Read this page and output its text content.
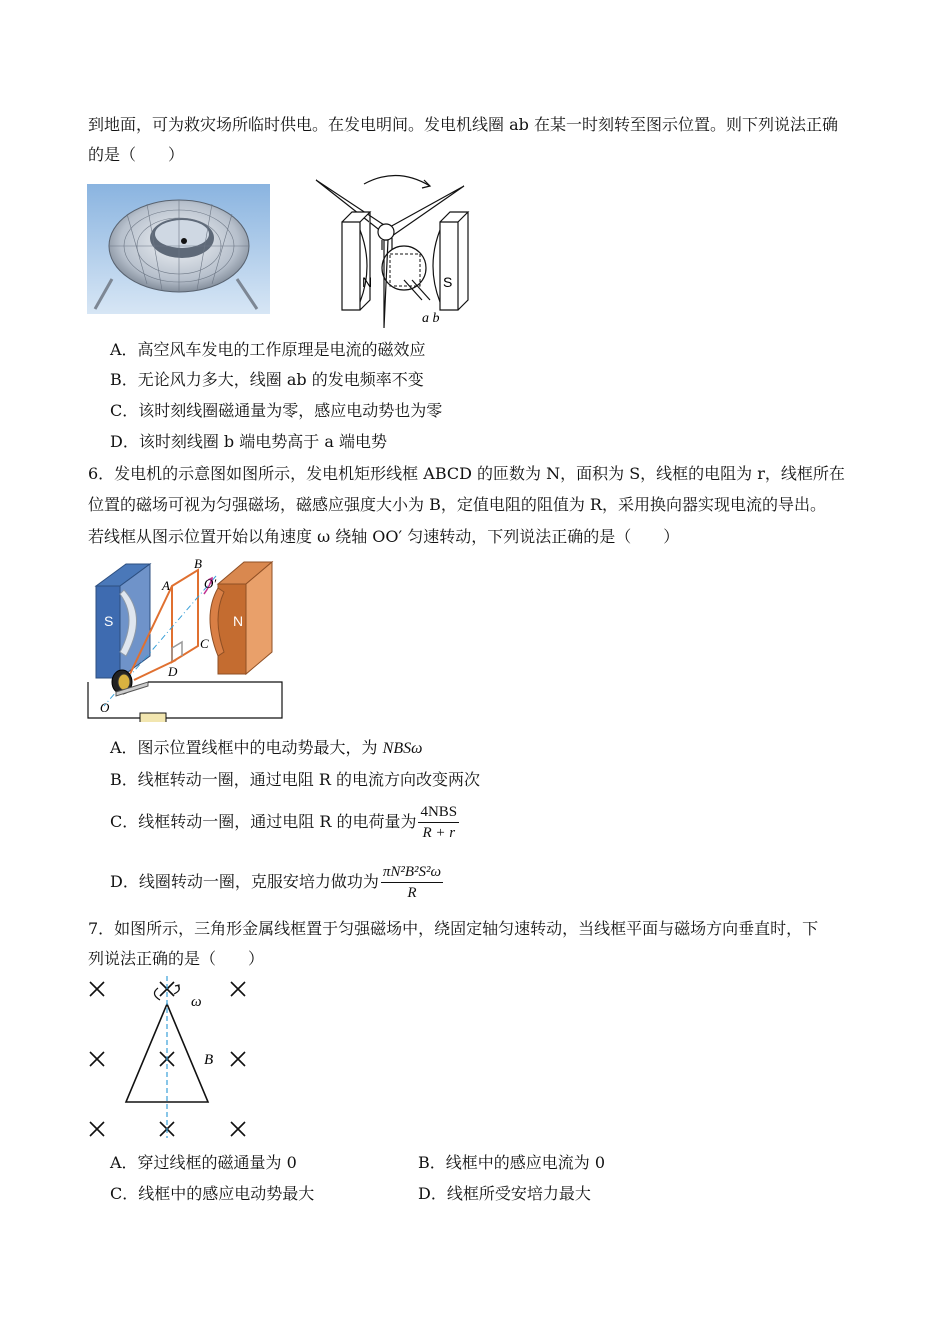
到地面，可为救灾场所临时供电。在发电明间。发电机线圈 ab 在某一时刻转至图示位置。则下列说法正确
的是（　　）
N	S
a b
A．高空风车发电的工作原理是电流的磁效应
B．无论风力多大，线圈 ab 的发电频率不变
C．该时刻线圈磁通量为零，感应电动势也为零
D．该时刻线圈 b 端电势高于 a 端电势
6．发电机的示意图如图所示，发电机矩形线框 ABCD 的匝数为 N，面积为 S，线框的电阻为 r，线框所在
位置的磁场可视为匀强磁场，磁感应强度大小为 B，定值电阻的阻值为 R，采用换向器实现电流的导出。
若线框从图示位置开始以角速度 ω 绕轴 OO′ 匀速转动，下列说法正确的是（　　）
S	N
A
B
C
D
O′
O
A．图示位置线框中的电动势最大，为 NBSω
B．线框转动一圈，通过电阻 R 的电流方向改变两次
C．线框转动一圈，通过电阻 R 的电荷量为 $\frac{\text{4NBS}}{R + r}$
D．线圈转动一圈，克服安培力做功为 $\frac{\text{πN²B²S²ω}}{R}$
7．如图所示，三角形金属线框置于匀强磁场中，绕固定轴匀速转动，当线框平面与磁场方向垂直时，下
列说法正确的是（　　）
ω
B
A．穿过线框的磁通量为 0	B．线框中的感应电流为 0
C．线框中的感应电动势最大	D．线框所受安培力最大
